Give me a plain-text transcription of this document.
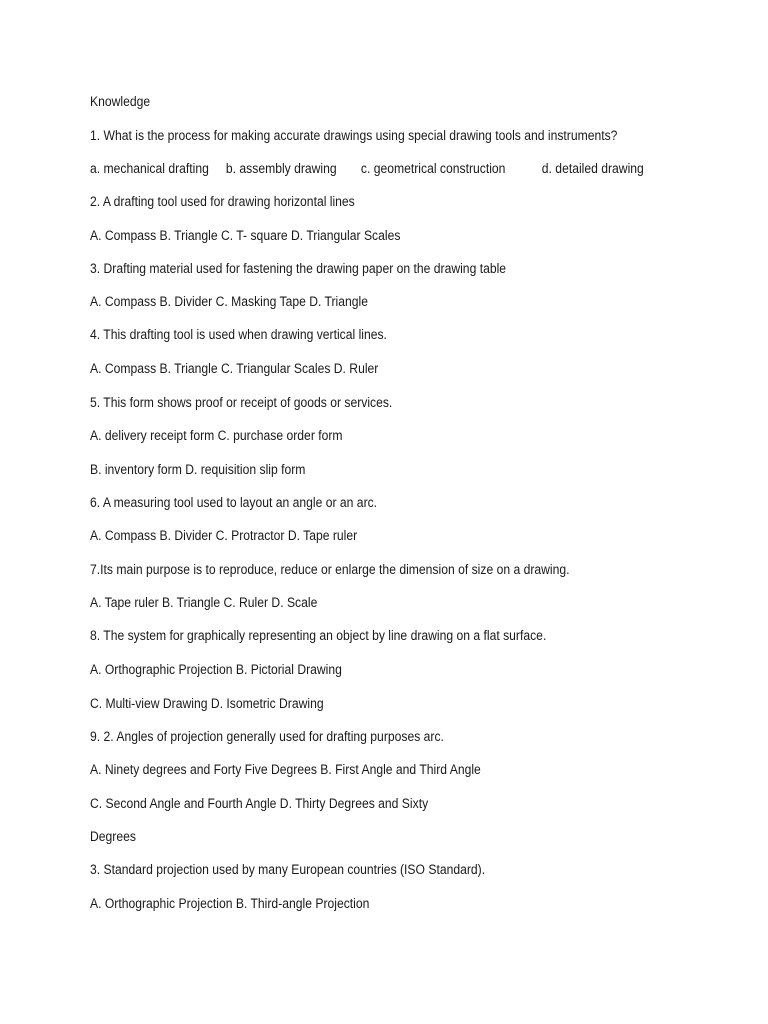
Knowledge
1. What is the process for making accurate drawings using special drawing tools and instruments?
a. mechanical drafting b. assembly drawing c. geometrical construction	d. detailed drawing
2. A drafting tool used for drawing horizontal lines
A. Compass B. Triangle C. T- square D. Triangular Scales
3. Drafting material used for fastening the drawing paper on the drawing table
A. Compass B. Divider C. Masking Tape D. Triangle
4. This drafting tool is used when drawing vertical lines.
A. Compass B. Triangle C. Triangular Scales D. Ruler
5. This form shows proof or receipt of goods or services.
A. delivery receipt form C. purchase order form
B. inventory form D. requisition slip form
6. A measuring tool used to layout an angle or an arc.
A. Compass B. Divider C. Protractor D. Tape ruler
7.Its main purpose is to reproduce, reduce or enlarge the dimension of size on a drawing.
A. Tape ruler B. Triangle C. Ruler D. Scale
8. The system for graphically representing an object by line drawing on a flat surface.
A. Orthographic Projection B. Pictorial Drawing
C. Multi-view Drawing D. Isometric Drawing
9. 2. Angles of projection generally used for drafting purposes arc.
A. Ninety degrees and Forty Five Degrees B. First Angle and Third Angle
C. Second Angle and Fourth Angle D. Thirty Degrees and Sixty
Degrees
3. Standard projection used by many European countries (ISO Standard).
A. Orthographic Projection B. Third-angle Projection
